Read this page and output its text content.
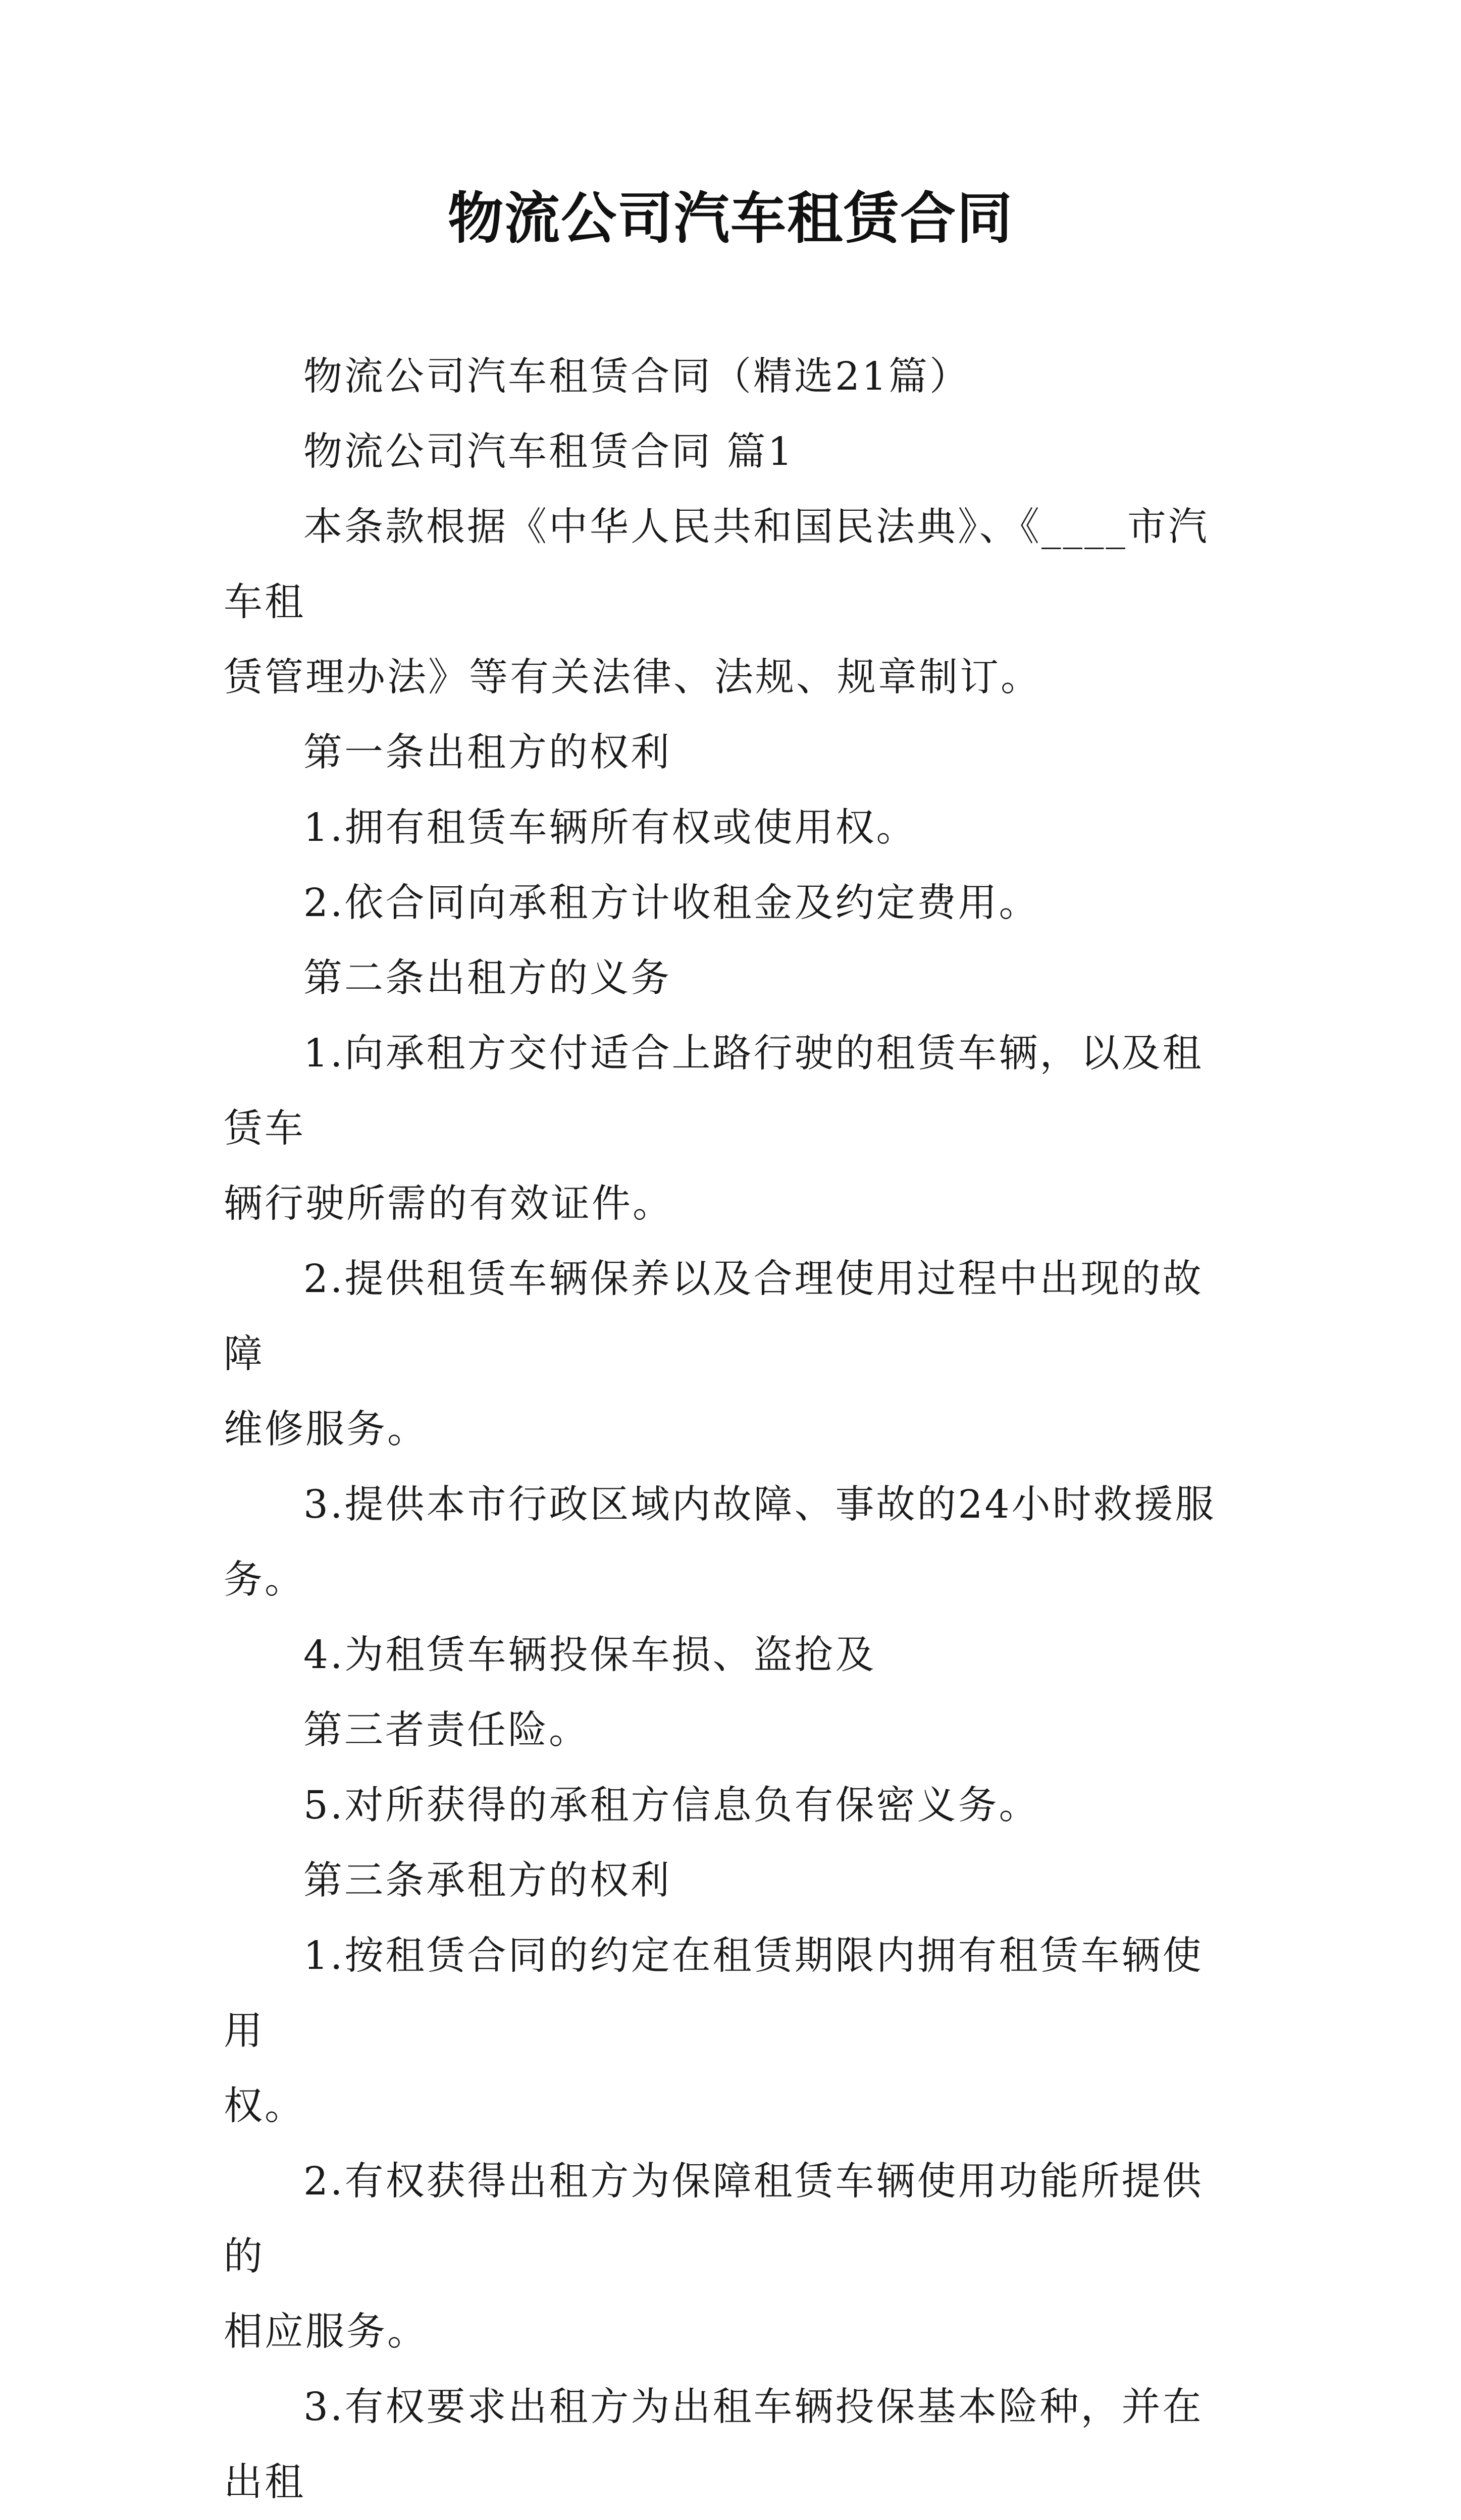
物流公司汽车租赁合同

物流公司汽车租赁合同（精选21篇）

物流公司汽车租赁合同 篇1

本条款根据《中华人民共和国民法典》、《____市汽车租

赁管理办法》等有关法律、法规、规章制订。

第一条出租方的权利

1.拥有租赁车辆所有权或使用权。

2.依合同向承租方计收租金及约定费用。

第二条出租方的义务

1.向承租方交付适合上路行驶的租赁车辆，以及租赁车

辆行驶所需的有效证件。

2.提供租赁车辆保养以及合理使用过程中出现的故障

维修服务。

3.提供本市行政区域内故障、事故的24小时救援服务。

4.为租赁车辆投保车损、盗抢及

第三者责任险。

5.对所获得的承租方信息负有保密义务。

第三条承租方的权利

1.按租赁合同的约定在租赁期限内拥有租赁车辆使用

权。

2.有权获得出租方为保障租赁车辆使用功能所提供的

相应服务。

3.有权要求出租方为出租车辆投保基本险种，并在出租
